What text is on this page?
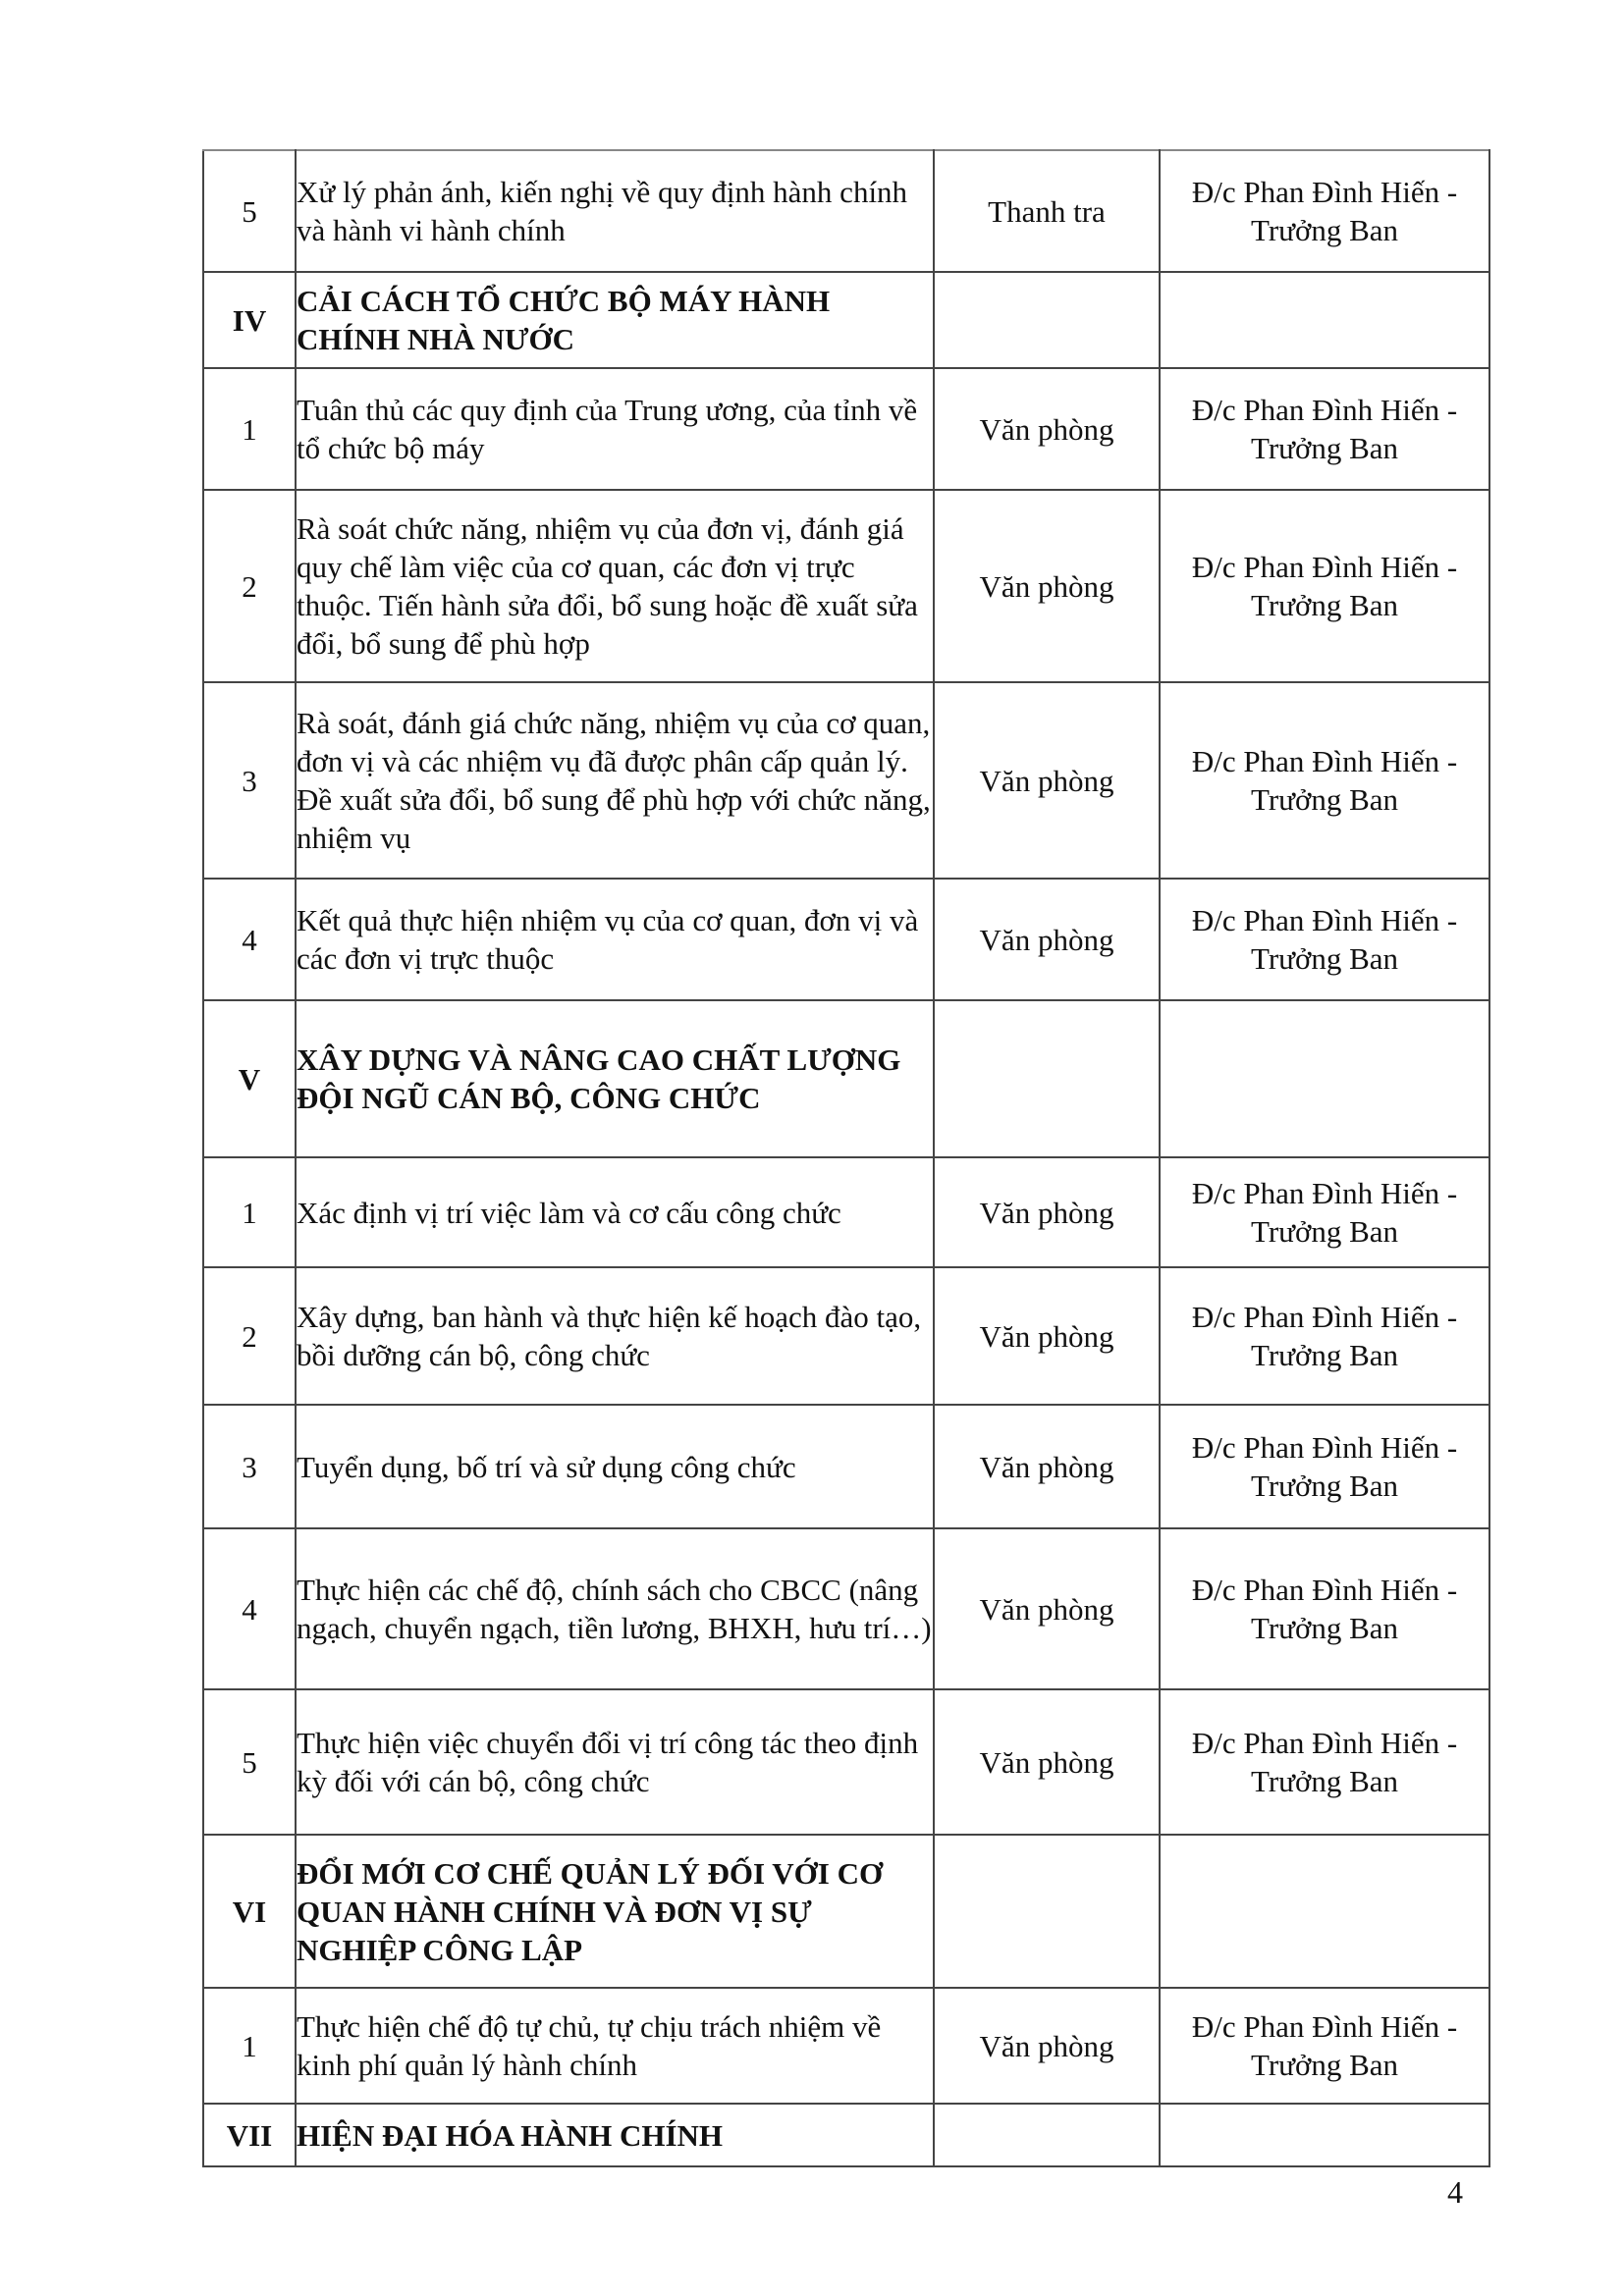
5	Xử lý phản ánh, kiến nghị về quy định hành chính và hành vi hành chính	Thanh tra	Đ/c Phan Đình Hiến - Trưởng Ban
IV	CẢI CÁCH TỔ CHỨC BỘ MÁY HÀNH CHÍNH NHÀ NƯỚC		
1	Tuân thủ các quy định của Trung ương, của tỉnh về tổ chức bộ máy	Văn phòng	Đ/c Phan Đình Hiến - Trưởng Ban
2	Rà soát chức năng, nhiệm vụ của đơn vị, đánh giá quy chế làm việc của cơ quan, các đơn vị trực thuộc. Tiến hành sửa đổi, bổ sung hoặc đề xuất sửa đổi, bổ sung để phù hợp	Văn phòng	Đ/c Phan Đình Hiến - Trưởng Ban
3	Rà soát, đánh giá chức năng, nhiệm vụ của cơ quan, đơn vị và các nhiệm vụ đã được phân cấp quản lý. Đề xuất sửa đổi, bổ sung để phù hợp với chức năng, nhiệm vụ	Văn phòng	Đ/c Phan Đình Hiến - Trưởng Ban
4	Kết quả thực hiện nhiệm vụ của cơ quan, đơn vị và các đơn vị trực thuộc	Văn phòng	Đ/c Phan Đình Hiến - Trưởng Ban
V	XÂY DỰNG VÀ NÂNG CAO CHẤT LƯỢNG ĐỘI NGŨ CÁN BỘ, CÔNG CHỨC		
1	Xác định vị trí việc làm và cơ cấu công chức	Văn phòng	Đ/c Phan Đình Hiến - Trưởng Ban
2	Xây dựng, ban hành và thực hiện kế hoạch đào tạo, bồi dưỡng cán bộ, công chức	Văn phòng	Đ/c Phan Đình Hiến - Trưởng Ban
3	Tuyển dụng, bố trí và sử dụng công chức	Văn phòng	Đ/c Phan Đình Hiến - Trưởng Ban
4	Thực hiện các chế độ, chính sách cho CBCC (nâng ngạch, chuyển ngạch, tiền lương, BHXH, hưu trí…)	Văn phòng	Đ/c Phan Đình Hiến - Trưởng Ban
5	Thực hiện việc chuyển đổi vị trí công tác theo định kỳ đối với cán bộ, công chức	Văn phòng	Đ/c Phan Đình Hiến - Trưởng Ban
VI	ĐỔI MỚI CƠ CHẾ QUẢN LÝ ĐỐI VỚI CƠ QUAN HÀNH CHÍNH VÀ ĐƠN VỊ SỰ NGHIỆP CÔNG LẬP		
1	Thực hiện chế độ tự chủ, tự chịu trách nhiệm về kinh phí quản lý hành chính	Văn phòng	Đ/c Phan Đình Hiến - Trưởng Ban
VII	HIỆN ĐẠI HÓA HÀNH CHÍNH		
4
